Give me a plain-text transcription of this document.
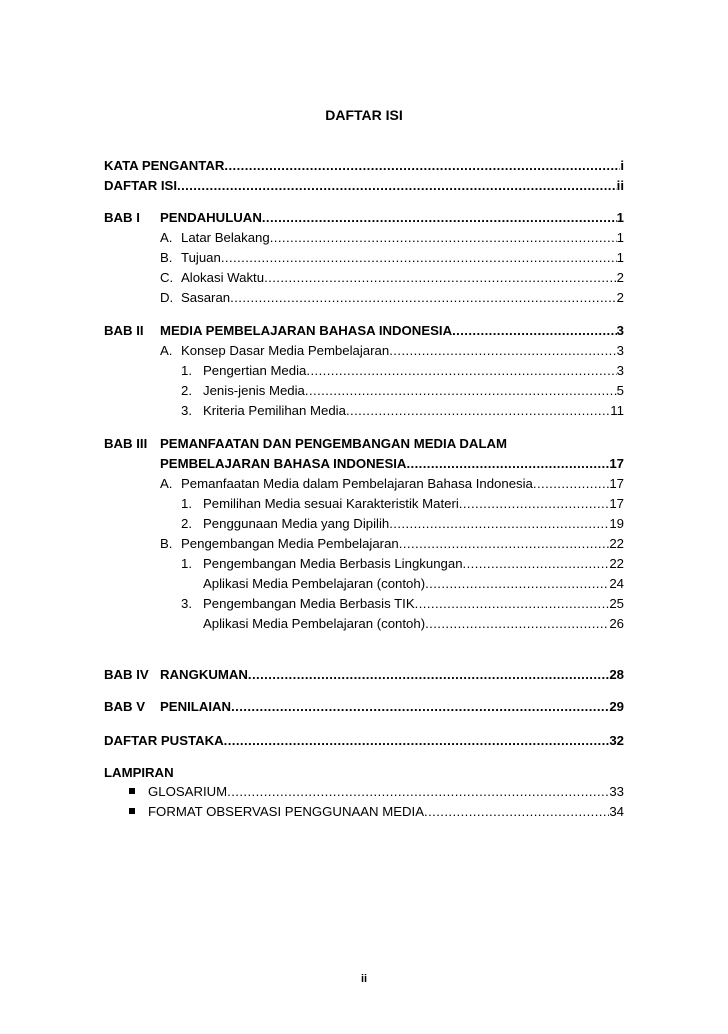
DAFTAR ISI
KATA PENGANTAR .....	i
DAFTAR ISI .....	ii
BAB I PENDAHULUAN .....	1
A. Latar Belakang .....	1
B. Tujuan .....	1
C. Alokasi Waktu .....	2
D. Sasaran .....	2
BAB II MEDIA PEMBELAJARAN BAHASA INDONESIA .....	3
A. Konsep Dasar Media Pembelajaran .....	3
1. Pengertian Media .....	3
2. Jenis-jenis Media .....	5
3. Kriteria Pemilihan Media .....	11
BAB III PEMANFAATAN DAN PENGEMBANGAN MEDIA DALAM
PEMBELAJARAN BAHASA INDONESIA .....	17
A. Pemanfaatan Media dalam Pembelajaran Bahasa Indonesia .....	17
1. Pemilihan Media sesuai Karakteristik Materi .....	17
2. Penggunaan Media yang Dipilih .....	19
B. Pengembangan Media Pembelajaran .....	22
1. Pengembangan Media Berbasis Lingkungan .....	22
Aplikasi Media Pembelajaran (contoh) .....	24
3. Pengembangan Media Berbasis TIK .....	25
Aplikasi Media Pembelajaran (contoh) .....	26
BAB IV RANGKUMAN .....	28
BAB V PENILAIAN .....	29
DAFTAR PUSTAKA .....	32
LAMPIRAN
GLOSARIUM .....	33
FORMAT OBSERVASI PENGGUNAAN MEDIA .....	34
ii
